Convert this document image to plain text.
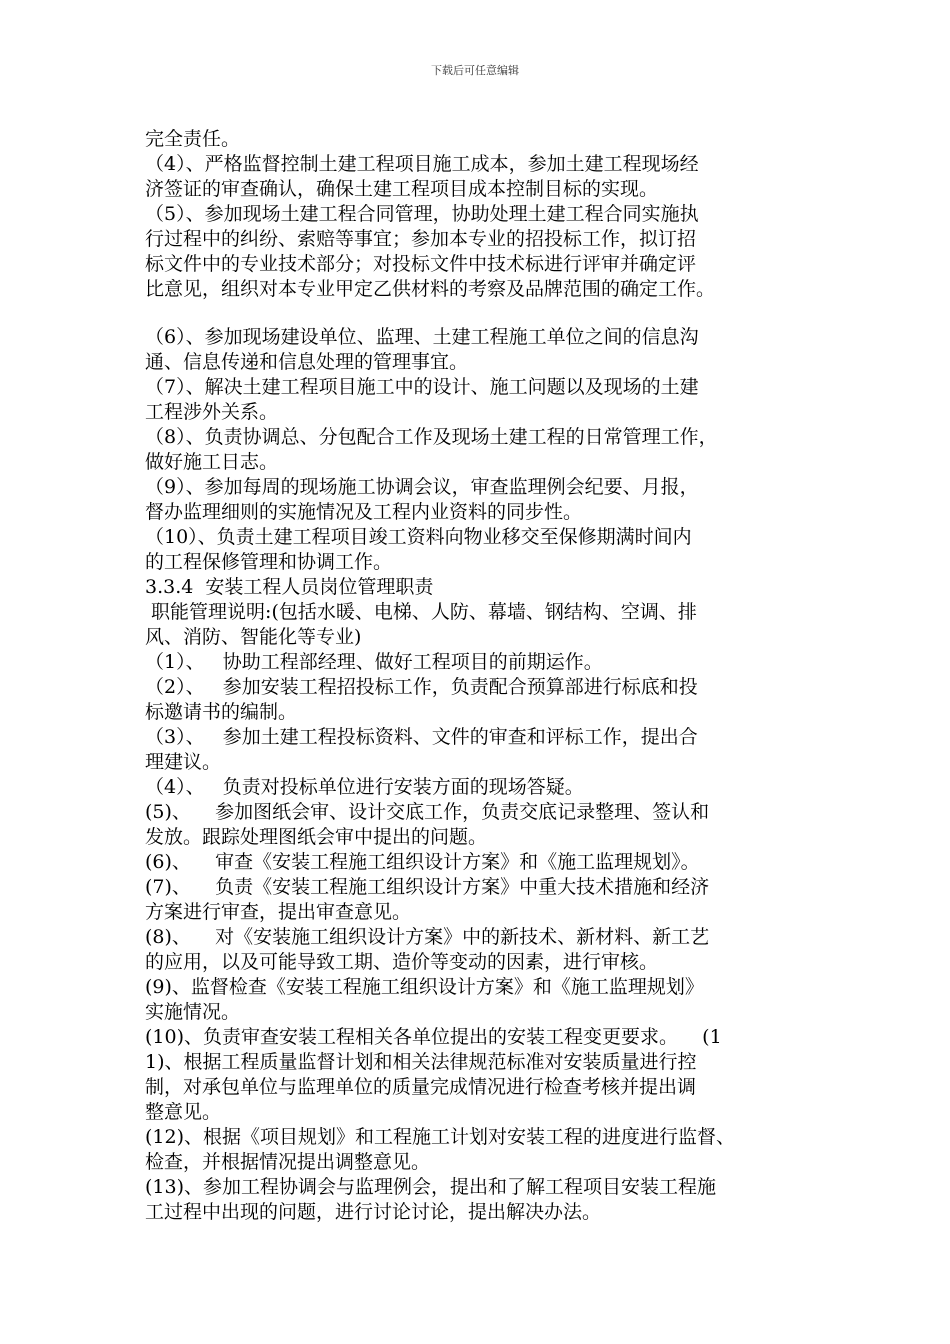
下载后可任意编辑
完全责任。
（4）、严格监督控制土建工程项目施工成本，参加土建工程现场经
济签证的审查确认，确保土建工程项目成本控制目标的实现。
（5）、参加现场土建工程合同管理，协助处理土建工程合同实施执
行过程中的纠纷、索赔等事宜；参加本专业的招投标工作，拟订招
标文件中的专业技术部分；对投标文件中技术标进行评审并确定评
比意见，组织对本专业甲定乙供材料的考察及品牌范围的确定工作。
（6）、参加现场建设单位、监理、土建工程施工单位之间的信息沟
通、信息传递和信息处理的管理事宜。
（7）、解决土建工程项目施工中的设计、施工问题以及现场的土建
工程涉外关系。
（8）、负责协调总、分包配合工作及现场土建工程的日常管理工作，
做好施工日志。
（9）、参加每周的现场施工协调会议，审查监理例会纪要、月报，
督办监理细则的实施情况及工程内业资料的同步性。
（10）、负责土建工程项目竣工资料向物业移交至保修期满时间内
的工程保修管理和协调工作。
3.3.4  安装工程人员岗位管理职责
职能管理说明:(包括水暖、电梯、人防、幕墙、钢结构、空调、排
风、消防、智能化等专业)
（1）、   协助工程部经理、做好工程项目的前期运作。
（2）、   参加安装工程招投标工作，负责配合预算部进行标底和投
标邀请书的编制。
（3）、   参加土建工程投标资料、文件的审查和评标工作，提出合
理建议。
（4）、   负责对投标单位进行安装方面的现场答疑。
(5)、    参加图纸会审、设计交底工作，负责交底记录整理、签认和
发放。跟踪处理图纸会审中提出的问题。
(6)、    审查《安装工程施工组织设计方案》和《施工监理规划》。
(7)、    负责《安装工程施工组织设计方案》中重大技术措施和经济
方案进行审查，提出审查意见。
(8)、    对《安装施工组织设计方案》中的新技术、新材料、新工艺
的应用，以及可能导致工期、造价等变动的因素，进行审核。
(9)、监督检查《安装工程施工组织设计方案》和《施工监理规划》
实施情况。
(10)、负责审查安装工程相关各单位提出的安装工程变更要求。    (1
1)、根据工程质量监督计划和相关法律规范标准对安装质量进行控
制，对承包单位与监理单位的质量完成情况进行检查考核并提出调
整意见。
(12)、根据《项目规划》和工程施工计划对安装工程的进度进行监督、
检查，并根据情况提出调整意见。
(13)、参加工程协调会与监理例会，提出和了解工程项目安装工程施
工过程中出现的问题，进行讨论讨论，提出解决办法。
